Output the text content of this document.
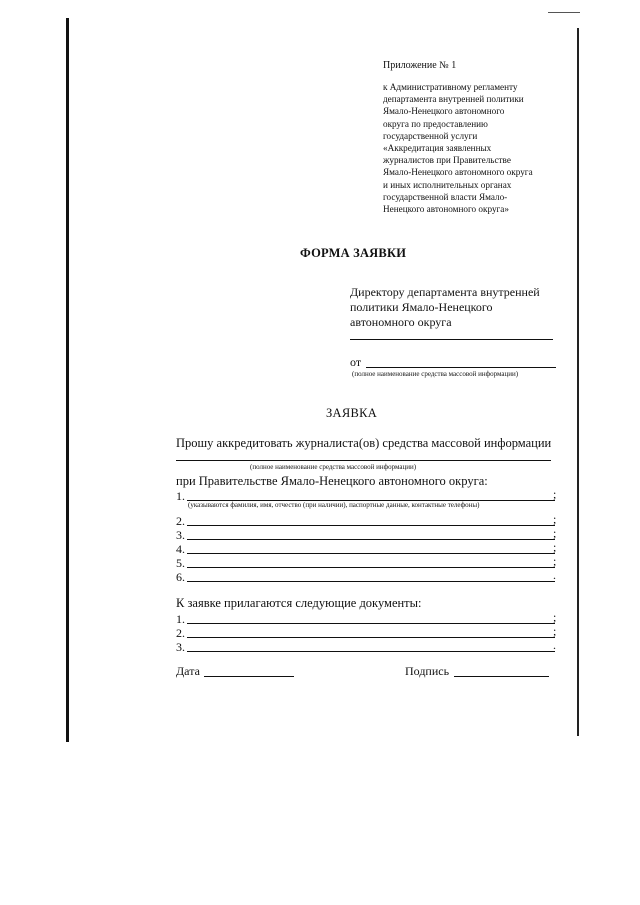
Приложение № 1
к Административному регламенту
департамента внутренней политики
Ямало-Ненецкого автономного
округа по предоставлению
государственной услуги
«Аккредитация заявленных
журналистов при Правительстве
Ямало-Ненецкого автономного округа
и иных исполнительных органах
государственной власти Ямало-
Ненецкого автономного округа»
ФОРМА ЗАЯВКИ
Директору департамента внутренней
политики Ямало-Ненецкого
автономного округа
от
(полное наименование средства массовой информации)
ЗАЯВКА
Прошу аккредитовать журналиста(ов) средства массовой информации
(полное наименование средства массовой информации)
при Правительстве Ямало-Ненецкого автономного округа:
1.	;
(указываются фамилия, имя, отчество (при наличии), паспортные данные, контактные телефоны)
2.	;
3.	;
4.	;
5.	;
6.	.
К заявке прилагаются следующие документы:
1.	;
2.	;
3.	.
Дата	Подпись
